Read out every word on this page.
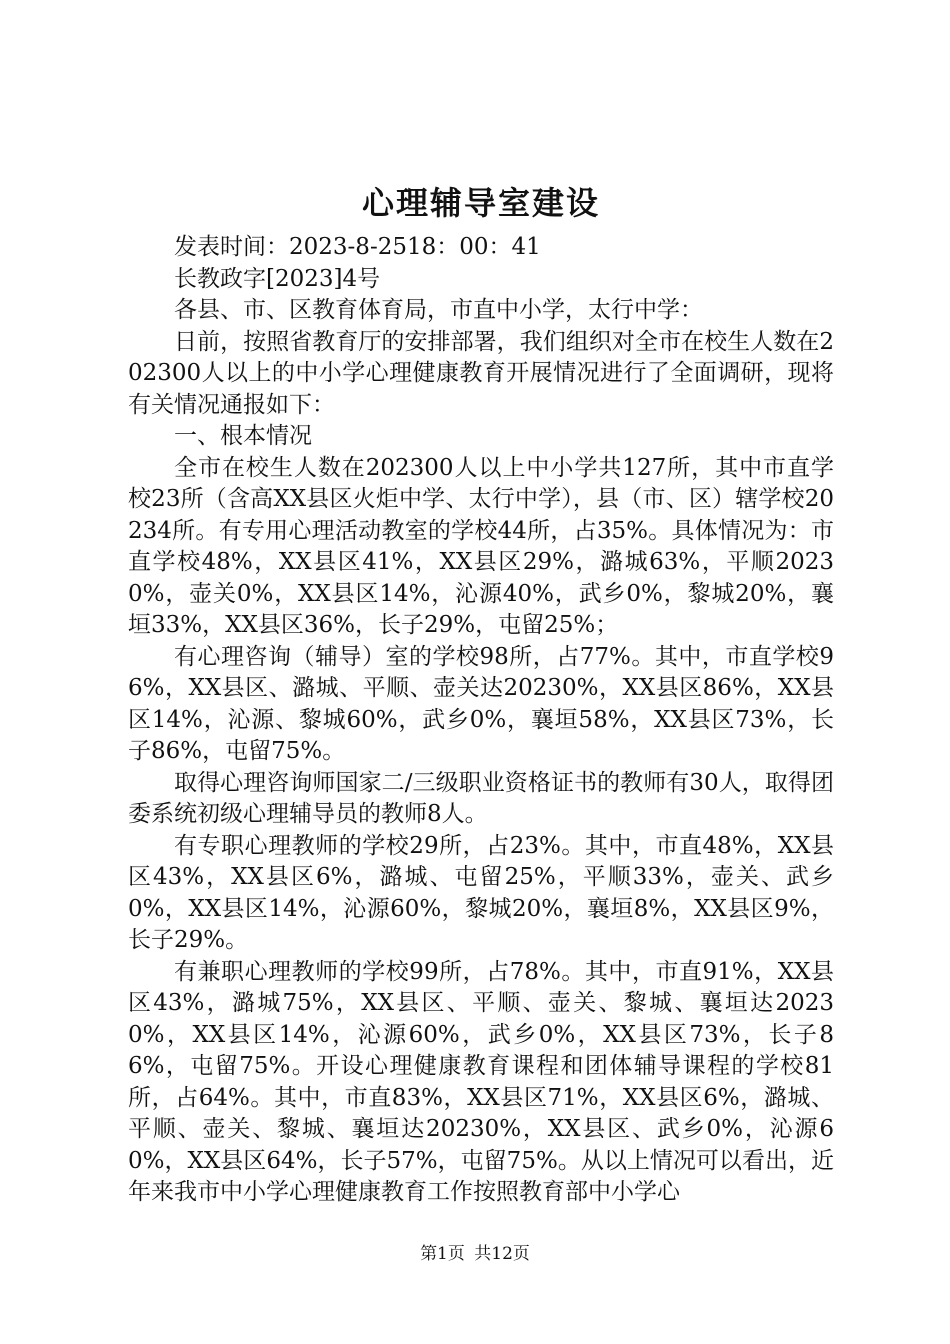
心理辅导室建设

发表时间：2023-8-2518：00：41

长教政字[2023]4号

各县、市、区教育体育局，市直中小学，太行中学：

日前，按照省教育厅的安排部署，我们组织对全市在校生人数在202300人以上的中小学心理健康教育开展情况进行了全面调研，现将有关情况通报如下：

一、根本情况

全市在校生人数在202300人以上中小学共127所，其中市直学校23所（含高XX县区火炬中学、太行中学），县（市、区）辖学校20234所。有专用心理活动教室的学校44所，占35%。具体情况为：市直学校48%，XX县区41%，XX县区29%，潞城63%，平顺20230%，壶关0%，XX县区14%，沁源40%，武乡0%，黎城20%，襄垣33%，XX县区36%，长子29%，屯留25%；

有心理咨询（辅导）室的学校98所，占77%。其中，市直学校96%，XX县区、潞城、平顺、壶关达20230%，XX县区86%，XX县区14%，沁源、黎城60%，武乡0%，襄垣58%，XX县区73%，长子86%，屯留75%。

取得心理咨询师国家二/三级职业资格证书的教师有30人，取得团委系统初级心理辅导员的教师8人。

有专职心理教师的学校29所，占23%。其中，市直48%，XX县区43%，XX县区6%，潞城、屯留25%，平顺33%，壶关、武乡0%，XX县区14%，沁源60%，黎城20%，襄垣8%，XX县区9%，长子29%。

有兼职心理教师的学校99所，占78%。其中，市直91%，XX县区43%，潞城75%，XX县区、平顺、壶关、黎城、襄垣达20230%，XX县区14%，沁源60%，武乡0%，XX县区73%，长子86%，屯留75%。开设心理健康教育课程和团体辅导课程的学校81所，占64%。其中，市直83%，XX县区71%，XX县区6%，潞城、平顺、壶关、黎城、襄垣达20230%，XX县区、武乡0%，沁源60%，XX县区64%，长子57%，屯留75%。从以上情况可以看出，近年来我市中小学心理健康教育工作按照教育部中小学心

第1页 共12页
